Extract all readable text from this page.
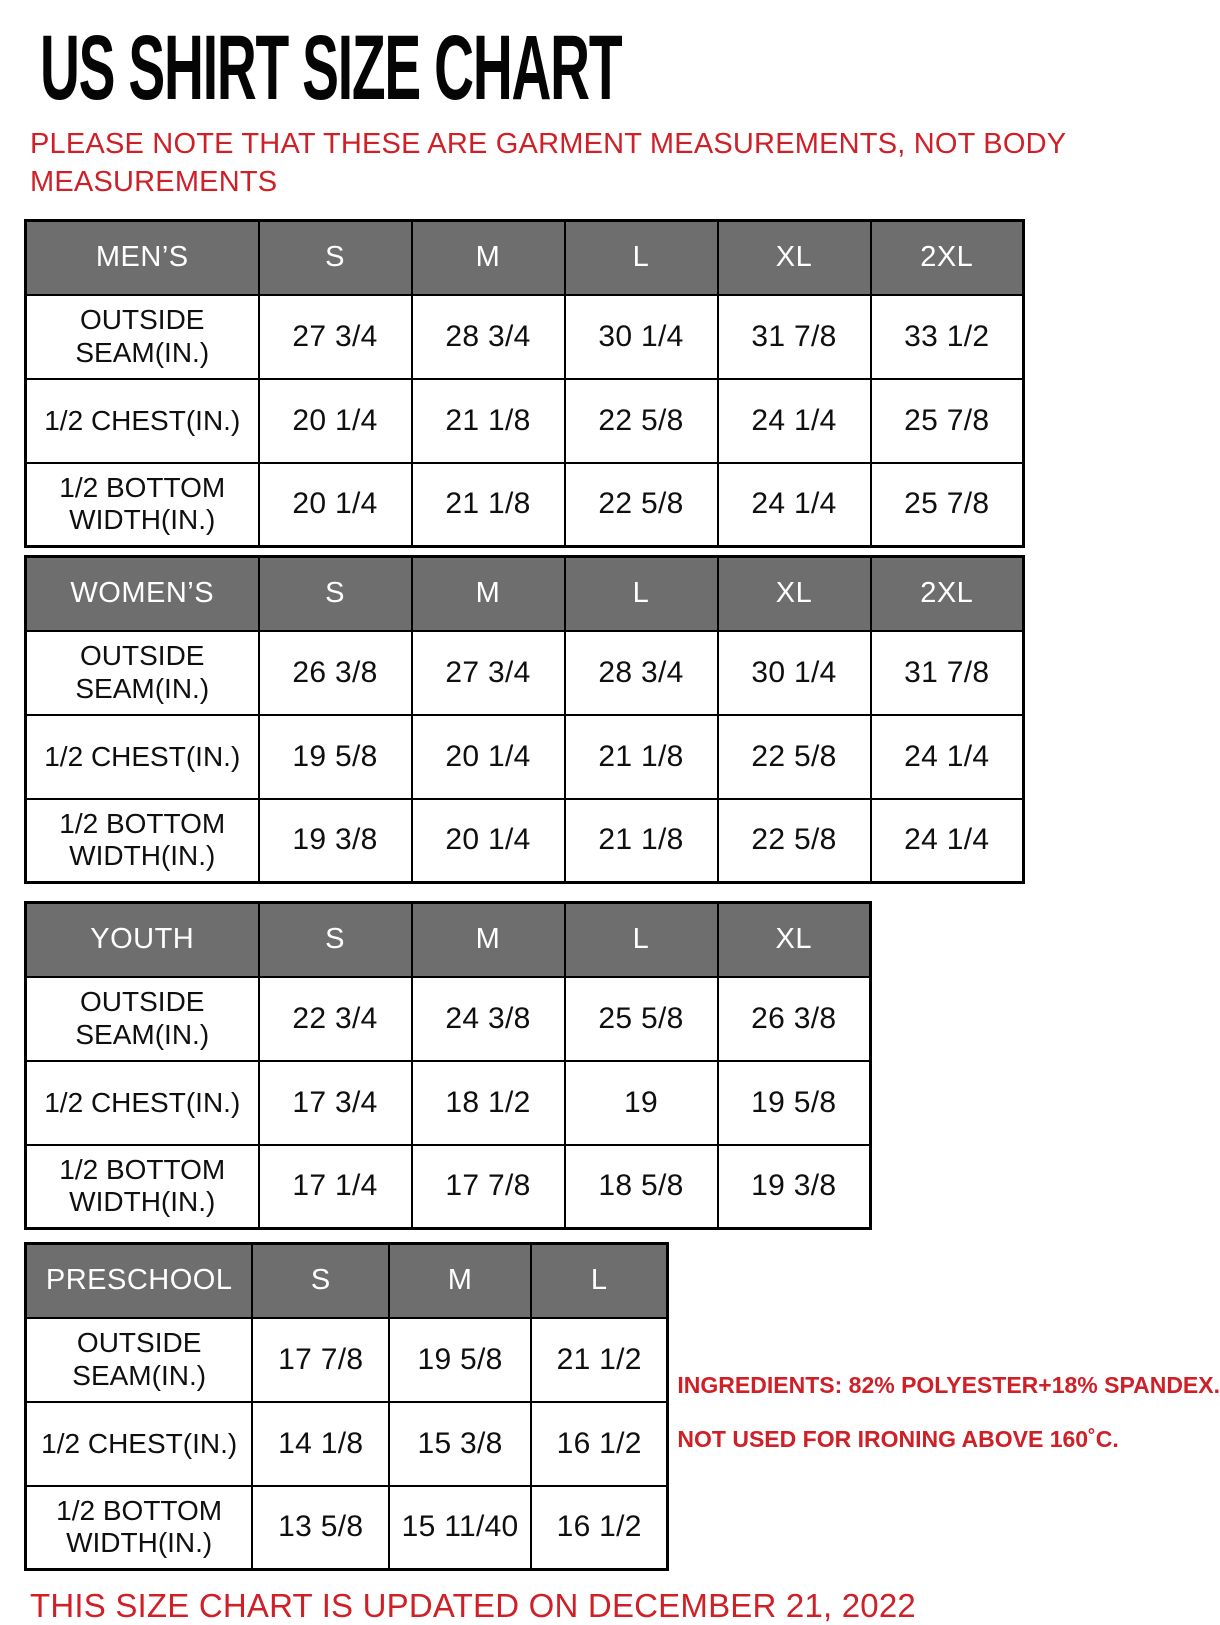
US SHIRT SIZE CHART
PLEASE NOTE THAT THESE ARE GARMENT MEASUREMENTS, NOT BODY
MEASUREMENTS
MEN’S	S	M	L	XL	2XL
OUTSIDE SEAM(IN.)	27 3/4	28 3/4	30 1/4	31 7/8	33 1/2
1/2 CHEST(IN.)	20 1/4	21 1/8	22 5/8	24 1/4	25 7/8
1/2 BOTTOM WIDTH(IN.)	20 1/4	21 1/8	22 5/8	24 1/4	25 7/8
WOMEN’S	S	M	L	XL	2XL
OUTSIDE SEAM(IN.)	26 3/8	27 3/4	28 3/4	30 1/4	31 7/8
1/2 CHEST(IN.)	19 5/8	20 1/4	21 1/8	22 5/8	24 1/4
1/2 BOTTOM WIDTH(IN.)	19 3/8	20 1/4	21 1/8	22 5/8	24 1/4
YOUTH	S	M	L	XL
OUTSIDE SEAM(IN.)	22 3/4	24 3/8	25 5/8	26 3/8
1/2 CHEST(IN.)	17 3/4	18 1/2	19	19 5/8
1/2 BOTTOM WIDTH(IN.)	17 1/4	17 7/8	18 5/8	19 3/8
PRESCHOOL	S	M	L
OUTSIDE SEAM(IN.)	17 7/8	19 5/8	21 1/2
1/2 CHEST(IN.)	14 1/8	15 3/8	16 1/2
1/2 BOTTOM WIDTH(IN.)	13 5/8	15 11/40	16 1/2
INGREDIENTS: 82% POLYESTER+18% SPANDEX.
NOT USED FOR IRONING ABOVE 160˚C.
THIS SIZE CHART IS UPDATED ON DECEMBER 21, 2022
